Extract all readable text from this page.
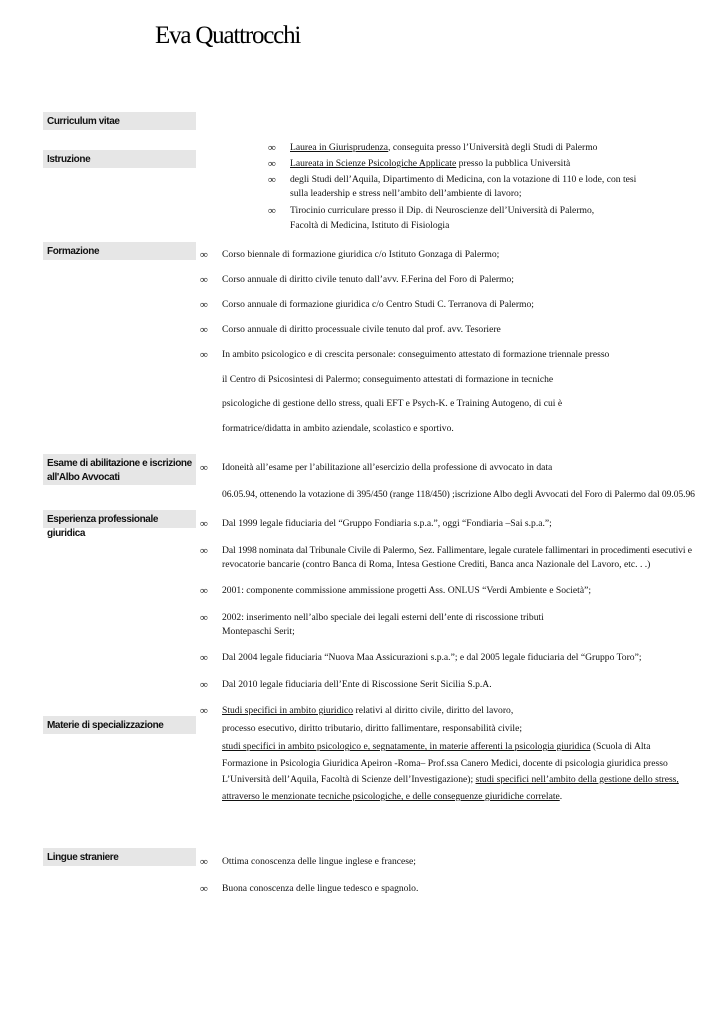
Eva Quattrocchi
Curriculum vitae
Istruzione
Formazione
Esame di abilitazione e iscrizione
all'Albo Avvocati
Esperienza professionale giuridica
Materie di specializzazione
Lingue straniere
∞ Laurea in Giurisprudenza, conseguita presso l’Università degli Studi di Palermo
∞ Laureata in Scienze Psicologiche Applicate presso la pubblica Università
∞ degli Studi dell’Aquila, Dipartimento di Medicina, con la votazione di 110 e lode, con tesi
sulla leadership e stress nell’ambito dell’ambiente di lavoro;
∞ Tirocinio curriculare presso il Dip. di Neuroscienze dell’Università di Palermo,
Facoltà di Medicina, Istituto di Fisiologia
∞ Corso biennale di formazione giuridica c/o Istituto Gonzaga di Palermo;
∞ Corso annuale di diritto civile tenuto dall’avv. F.Ferina del Foro di Palermo;
∞ Corso annuale di formazione giuridica c/o Centro Studi C. Terranova di Palermo;
∞ Corso annuale di diritto processuale civile tenuto dal prof. avv. Tesoriere
∞ In ambito psicologico e di crescita personale: conseguimento attestato di formazione triennale presso
il Centro di Psicosintesi di Palermo; conseguimento attestati di formazione in tecniche
psicologiche di gestione dello stress, quali EFT e Psych-K. e Training Autogeno, di cui è
formatrice/didatta in ambito aziendale, scolastico e sportivo.
∞ Idoneità all’esame per l’abilitazione all’esercizio della professione di avvocato in data
06.05.94, ottenendo la votazione di 395/450 (range 118/450) ;iscrizione Albo degli Avvocati del Foro di Palermo dal 09.05.96
∞ Dal 1999 legale fiduciaria del “Gruppo Fondiaria s.p.a.”, oggi “Fondiaria –Sai s.p.a.”;
∞ Dal 1998 nominata dal Tribunale Civile di Palermo, Sez. Fallimentare, legale curatele fallimentari in procedimenti esecutivi e
revocatorie bancarie (contro Banca di Roma, Intesa Gestione Crediti, Banca anca Nazionale del Lavoro, etc. . .)
∞ 2001: componente commissione ammissione progetti Ass. ONLUS “Verdi Ambiente e Società”;
∞ 2002: inserimento nell’albo speciale dei legali esterni dell’ente di riscossione tributi
Montepaschi Serit;
∞ Dal 2004 legale fiduciaria “Nuova Maa Assicurazioni s.p.a.”; e dal 2005 legale fiduciaria del “Gruppo Toro”;
∞ Dal 2010 legale fiduciaria dell’Ente di Riscossione Serit Sicilia S.p.A.
∞ Studi specifici in ambito giuridico relativi al diritto civile, diritto del lavoro,
processo esecutivo, diritto tributario, diritto fallimentare, responsabilità civile;
studi specifici in ambito psicologico e, segnatamente, in materie afferenti la psicologia giuridica (Scuola di Alta
Formazione in Psicologia Giuridica Apeiron -Roma– Prof.ssa Canero Medici, docente di psicologia giuridica presso
L’Università dell’Aquila, Facoltà di Scienze dell’Investigazione); studi specifici nell’ambito della gestione dello stress,
attraverso le menzionate tecniche psicologiche, e delle conseguenze giuridiche correlate.
∞ Ottima conoscenza delle lingue inglese e francese;
∞ Buona conoscenza delle lingue tedesco e spagnolo.
